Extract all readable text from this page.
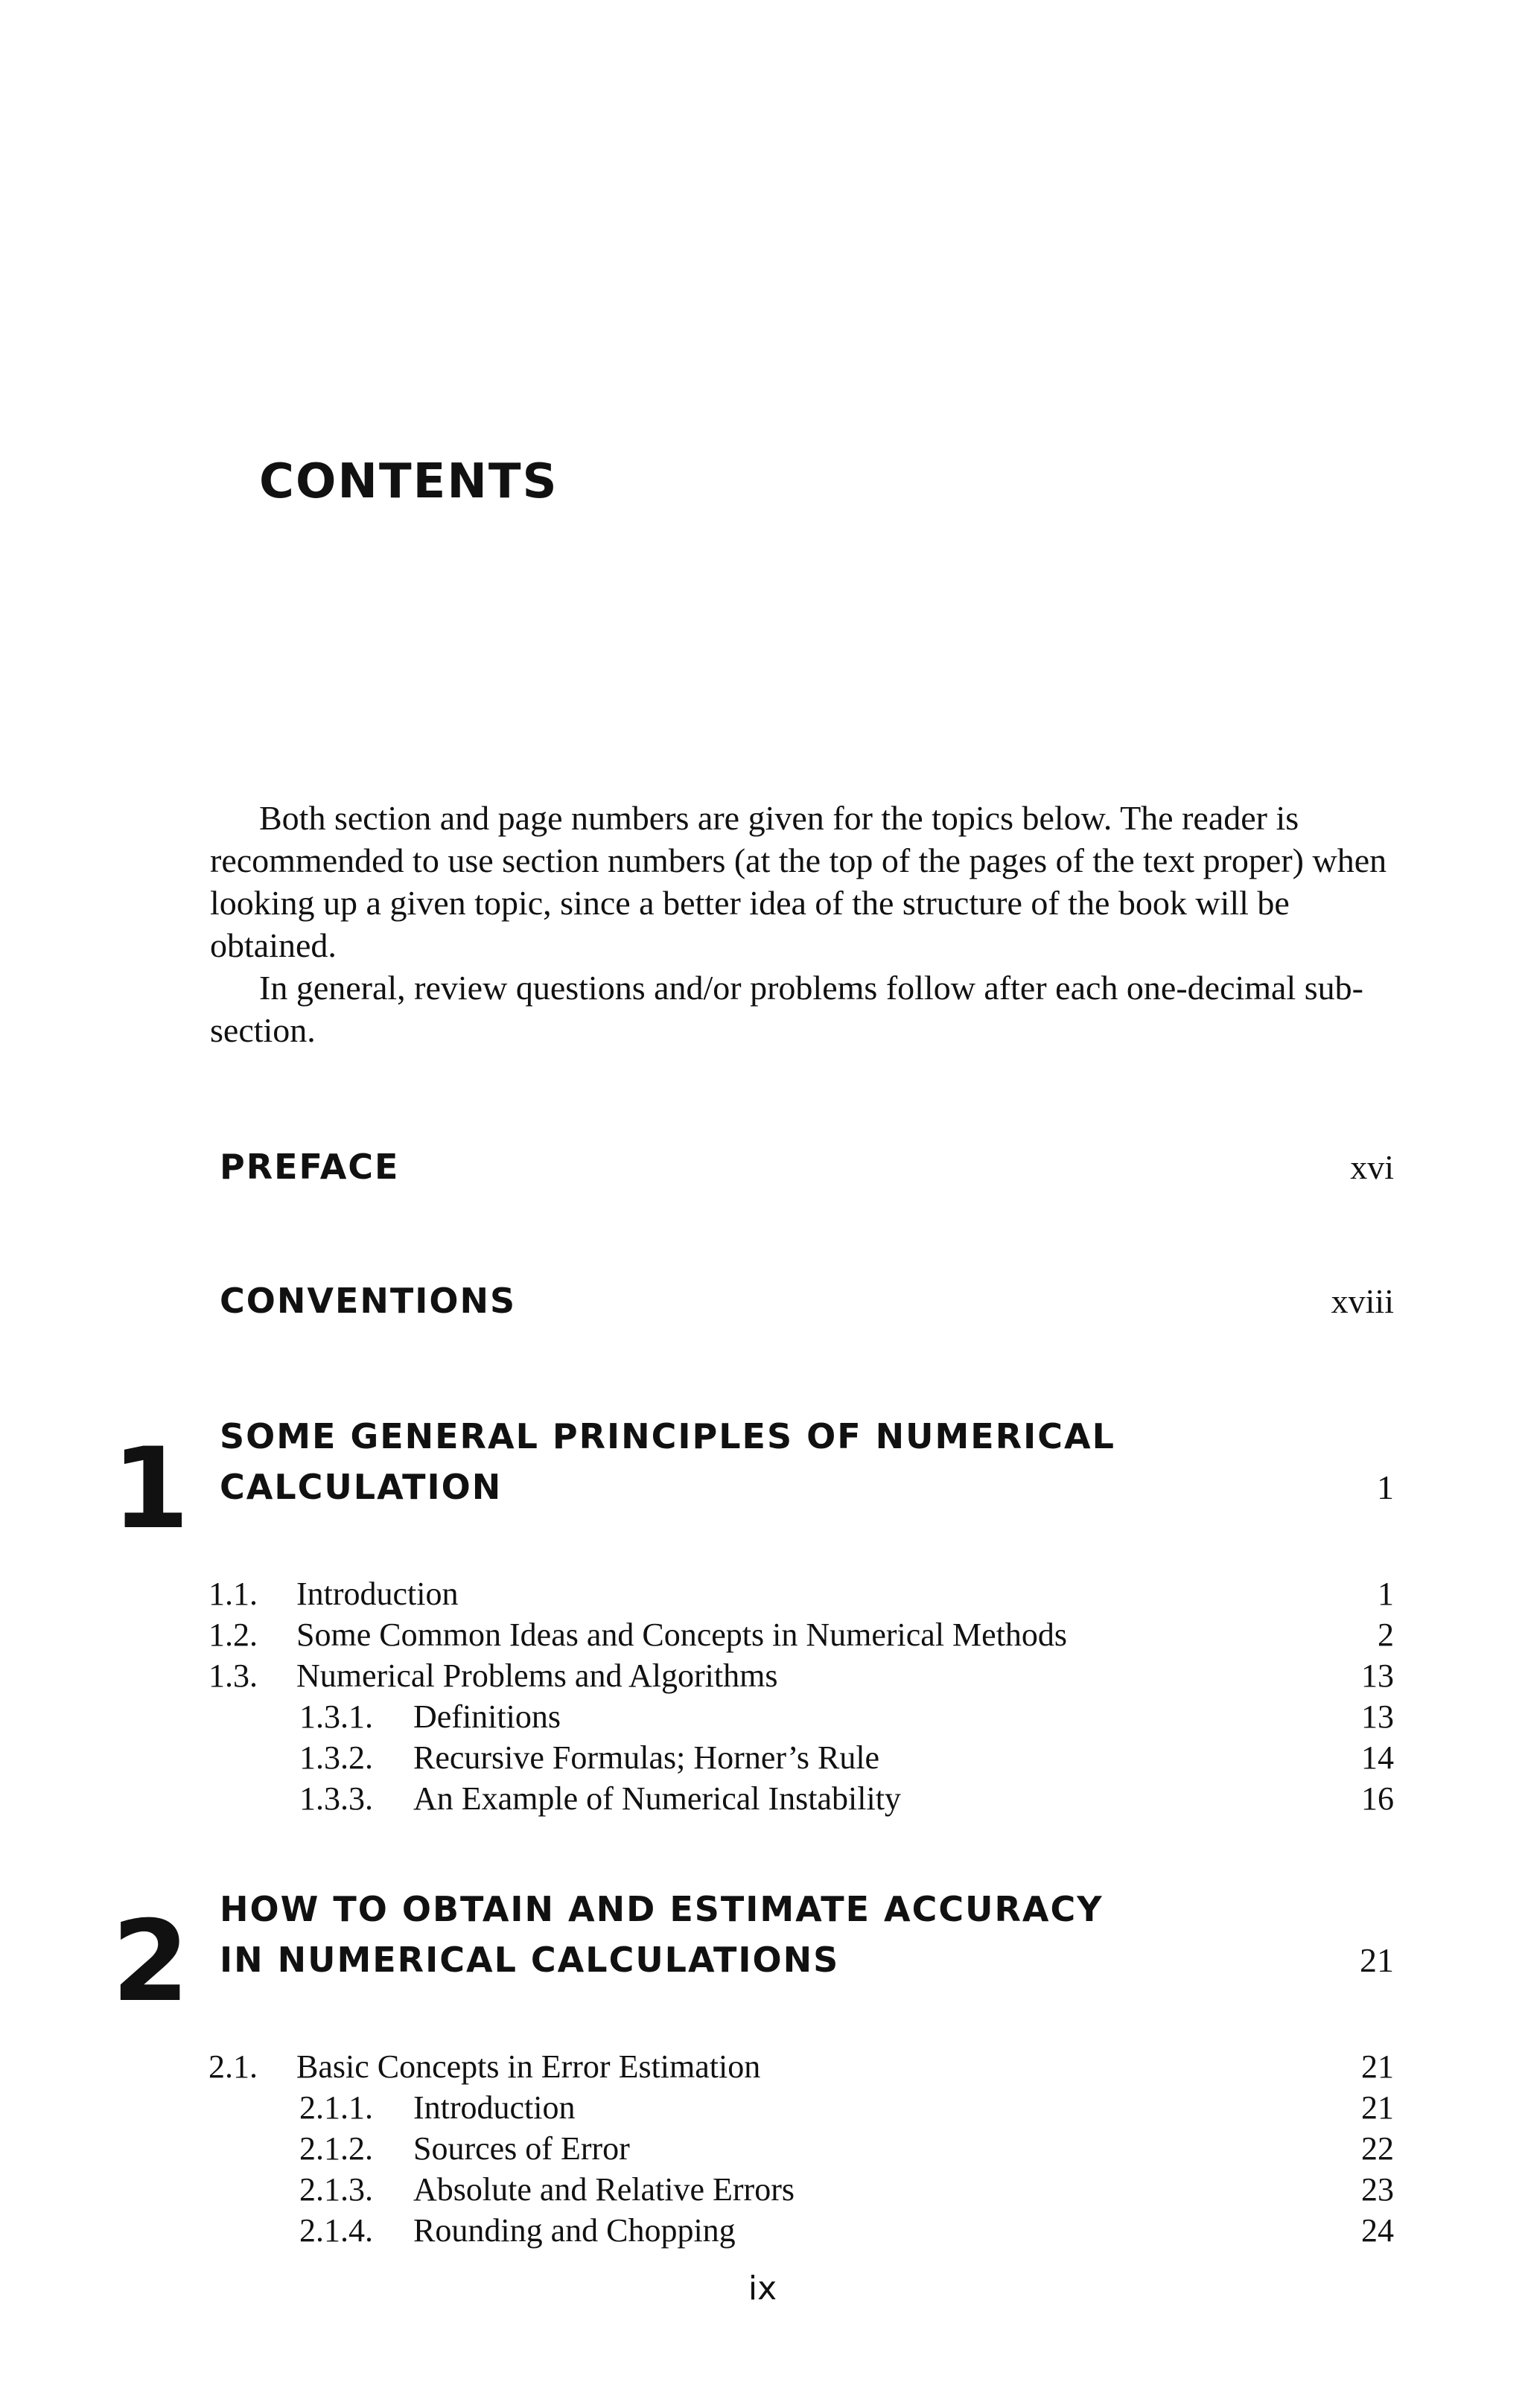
CONTENTS

Both section and page numbers are given for the topics below. The reader is recommended to use section numbers (at the top of the pages of the text proper) when looking up a given topic, since a better idea of the structure of the book will be obtained.

In general, review questions and/or problems follow after each one-decimal sub-section.

PREFACE	xvi
CONVENTIONS	xviii
1 SOME GENERAL PRINCIPLES OF NUMERICAL
CALCULATION	1
1.1.	Introduction	1
1.2.	Some Common Ideas and Concepts in Numerical Methods	2
1.3.	Numerical Problems and Algorithms	13
1.3.1.	Definitions	13
1.3.2.	Recursive Formulas; Horner’s Rule	14
1.3.3.	An Example of Numerical Instability	16
2 HOW TO OBTAIN AND ESTIMATE ACCURACY
IN NUMERICAL CALCULATIONS	21
2.1.	Basic Concepts in Error Estimation	21
2.1.1.	Introduction	21
2.1.2.	Sources of Error	22
2.1.3.	Absolute and Relative Errors	23
2.1.4.	Rounding and Chopping	24
ix
